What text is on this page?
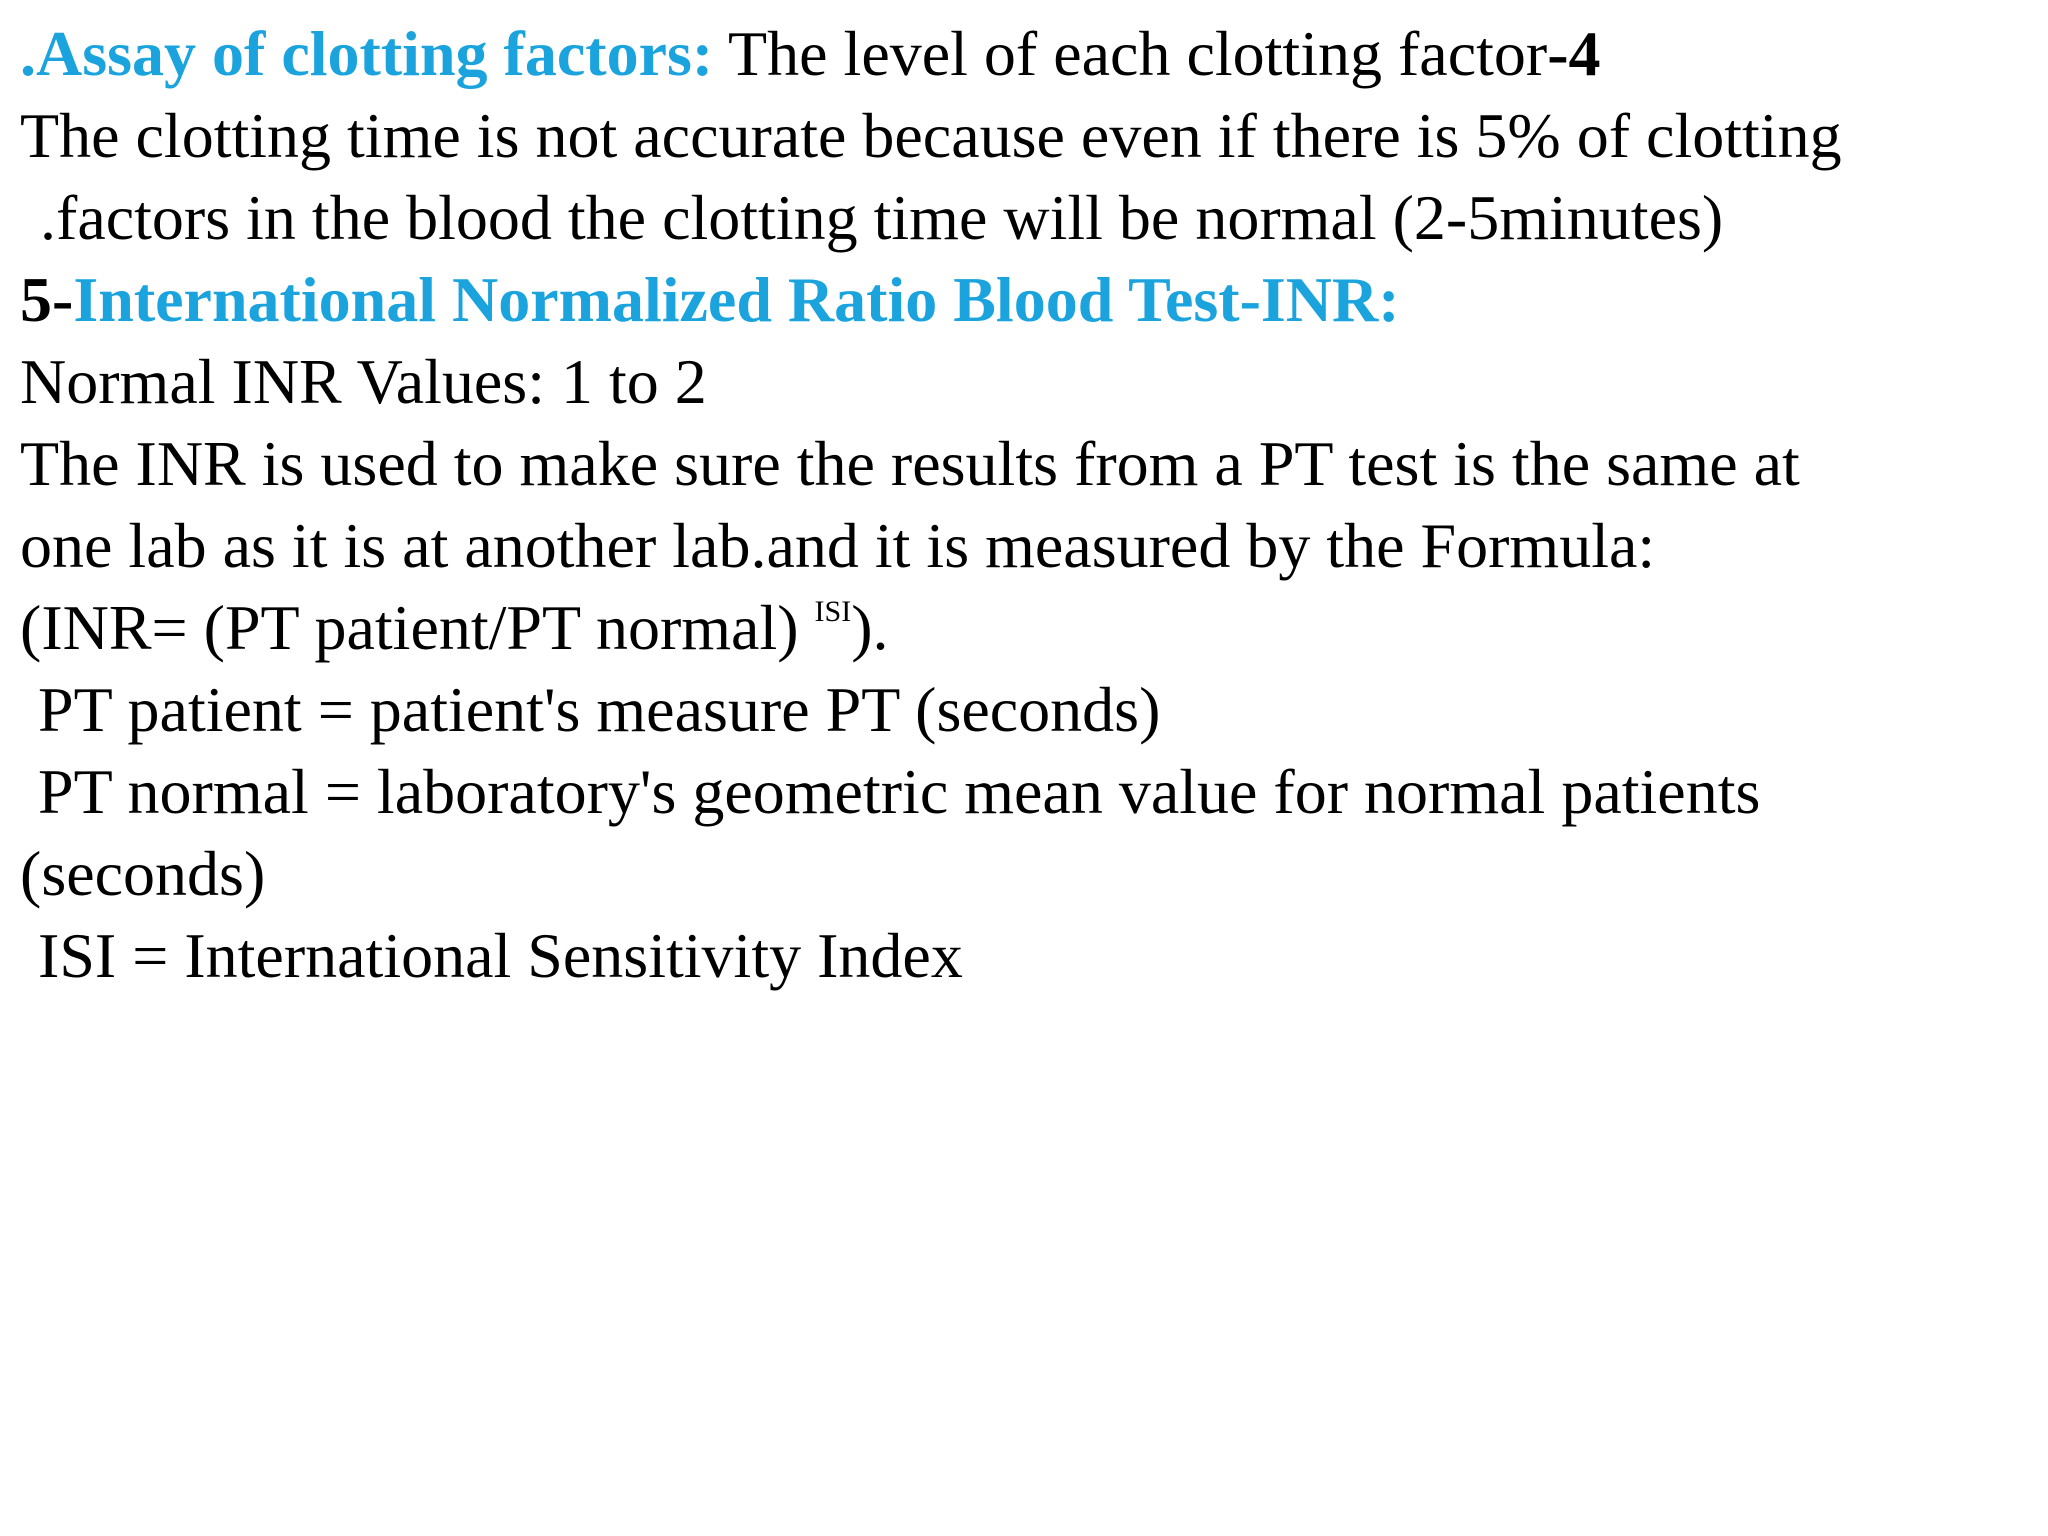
.Assay of clotting factors: The level of each clotting factor-4
The clotting time is not accurate because even if there is 5% of clotting
.factors in the blood the clotting time will be normal (2-5minutes)
5-International Normalized Ratio Blood Test-INR:
Normal INR Values: 1 to 2
The INR is used to make sure the results from a PT test is the same at
one lab as it is at another lab.and it is measured by the Formula:
(INR= (PT patient/PT normal) $^{ISI}$).
PT patient = patient's measure PT (seconds)
PT normal = laboratory's geometric mean value for normal patients
(seconds)
ISI = International Sensitivity Index
